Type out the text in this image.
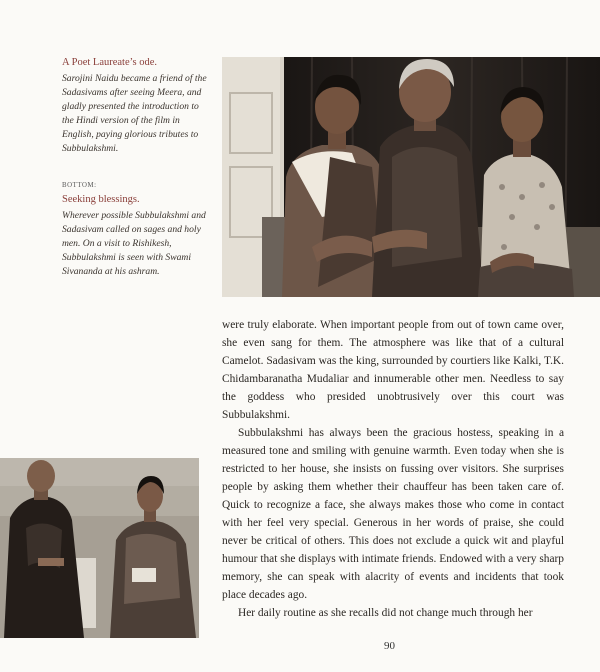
A Poet Laureate’s ode.

Sarojini Naidu became a friend of the Sadasivams after seeing Meera, and gladly presented the introduction to the Hindi version of the film in English, paying glorious tributes to Subbulakshmi.

BOTTOM:

Seeking blessings.

Wherever possible Subbulakshmi and Sadasivam called on sages and holy men. On a visit to Rishikesh, Subbulakshmi is seen with Swami Sivananda at his ashram.

were truly elaborate. When important people from out of town came over, she even sang for them. The atmosphere was like that of a cultural Camelot. Sadasivam was the king, surrounded by courtiers like Kalki, T.K. Chidambaranatha Mudaliar and innumerable other men. Needless to say the goddess who presided unobtrusively over this court was Subbulakshmi.

Subbulakshmi has always been the gracious hostess, speaking in a measured tone and smiling with genuine warmth. Even today when she is restricted to her house, she insists on fussing over visitors. She surprises people by asking them whether their chauffeur has been taken care of. Quick to recognize a face, she always makes those who come in contact with her feel very special. Generous in her words of praise, she could never be critical of others. This does not exclude a quick wit and playful humour that she displays with intimate friends. Endowed with a very sharp memory, she can speak with alacrity of events and incidents that took place decades ago.

Her daily routine as she recalls did not change much through her

90
